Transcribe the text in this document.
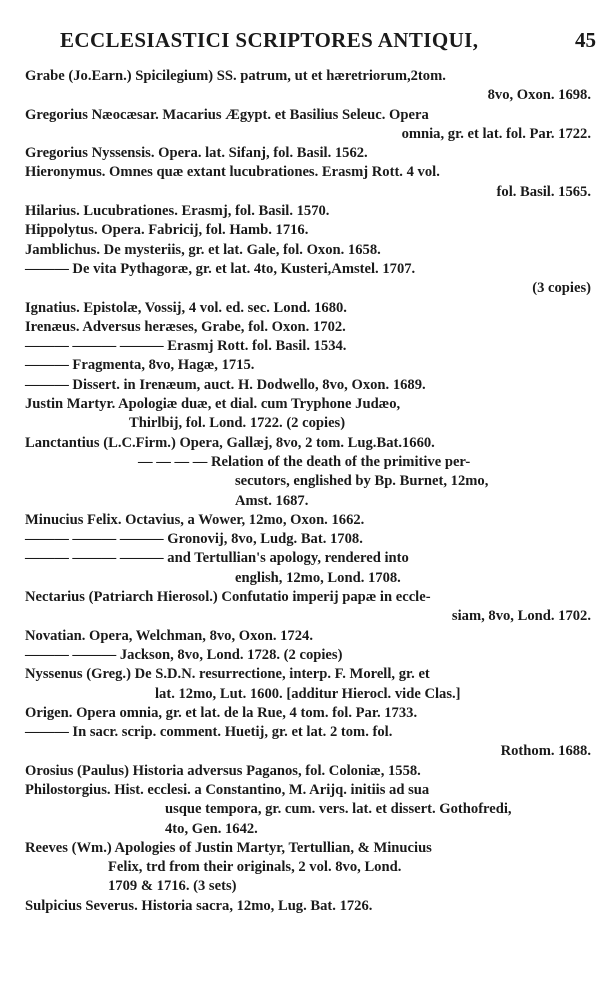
ECCLESIASTICI SCRIPTORES ANTIQUI,	45
Grabe (Jo.Earn.) Spicilegium) SS. patrum, ut et hæretriorum,2tom.
8vo, Oxon. 1698.
Gregorius Næocæsar. Macarius Ægypt. et Basilius Seleuc. Opera
omnia, gr. et lat. fol. Par. 1722.
Gregorius Nyssensis. Opera. lat. Sifanj, fol. Basil. 1562.
Hieronymus. Omnes quæ extant lucubrationes. Erasmj Rott. 4 vol.
fol. Basil. 1565.
Hilarius. Lucubrationes. Erasmj, fol. Basil. 1570.
Hippolytus. Opera. Fabricij, fol. Hamb. 1716.
Jamblichus. De mysteriis, gr. et lat. Gale, fol. Oxon. 1658.
——— De vita Pythagoræ, gr. et lat. 4to, Kusteri,Amstel. 1707.
(3 copies)
Ignatius. Epistolæ, Vossij, 4 vol. ed. sec. Lond. 1680.
Irenæus. Adversus heræses, Grabe, fol. Oxon. 1702.
——— ——— ——— Erasmj Rott. fol. Basil. 1534.
——— Fragmenta, 8vo, Hagæ, 1715.
——— Dissert. in Irenæum, auct. H. Dodwello, 8vo, Oxon. 1689.
Justin Martyr. Apologiæ duæ, et dial. cum Tryphone Judæo,
Thirlbij, fol. Lond. 1722. (2 copies)
Lanctantius (L.C.Firm.) Opera, Gallæj, 8vo, 2 tom. Lug.Bat.1660.
— — — — Relation of the death of the primitive per-
secutors, englished by Bp. Burnet, 12mo,
Amst. 1687.
Minucius Felix. Octavius, a Wower, 12mo, Oxon. 1662.
——— ——— ——— Gronovij, 8vo, Ludg. Bat. 1708.
——— ——— ——— and Tertullian's apology, rendered into
english, 12mo, Lond. 1708.
Nectarius (Patriarch Hierosol.) Confutatio imperij papæ in eccle-
siam, 8vo, Lond. 1702.
Novatian. Opera, Welchman, 8vo, Oxon. 1724.
——— ——— Jackson, 8vo, Lond. 1728. (2 copies)
Nyssenus (Greg.) De S.D.N. resurrectione, interp. F. Morell, gr. et
lat. 12mo, Lut. 1600. [additur Hierocl. vide Clas.]
Origen. Opera omnia, gr. et lat. de la Rue, 4 tom. fol. Par. 1733.
——— In sacr. scrip. comment. Huetij, gr. et lat. 2 tom. fol.
Rothom. 1688.
Orosius (Paulus) Historia adversus Paganos, fol. Coloniæ, 1558.
Philostorgius. Hist. ecclesi. a Constantino, M. Arijq. initiis ad sua
usque tempora, gr. cum. vers. lat. et dissert. Gothofredi,
4to, Gen. 1642.
Reeves (Wm.) Apologies of Justin Martyr, Tertullian, & Minucius
Felix, trd from their originals, 2 vol. 8vo, Lond.
1709 & 1716. (3 sets)
Sulpicius Severus. Historia sacra, 12mo, Lug. Bat. 1726.
